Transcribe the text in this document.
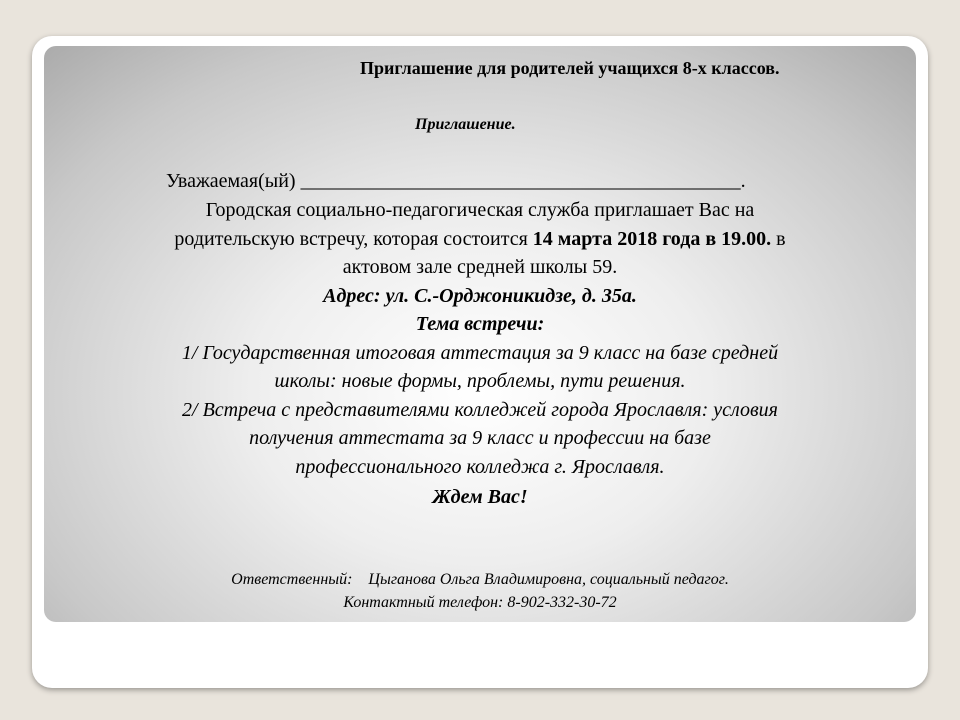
Приглашение для родителей учащихся 8-х классов.
Приглашение.
Уважаемая(ый) ____________________________________________.
Городская социально-педагогическая служба приглашает Вас на
родительскую встречу, которая состоится 14 марта 2018 года в 19.00. в
актовом зале средней школы 59.
Адрес: ул. С.-Орджоникидзе, д. 35а.
Тема встречи:
1/ Государственная итоговая аттестация за 9 класс на базе средней
школы: новые формы, проблемы, пути решения.
2/ Встреча с представителями колледжей города Ярославля: условия
получения аттестата за 9 класс и профессии на базе
профессионального колледжа г. Ярославля.
Ждем Вас!
Ответственный: Цыганова Ольга Владимировна, социальный педагог.
Контактный телефон: 8-902-332-30-72
